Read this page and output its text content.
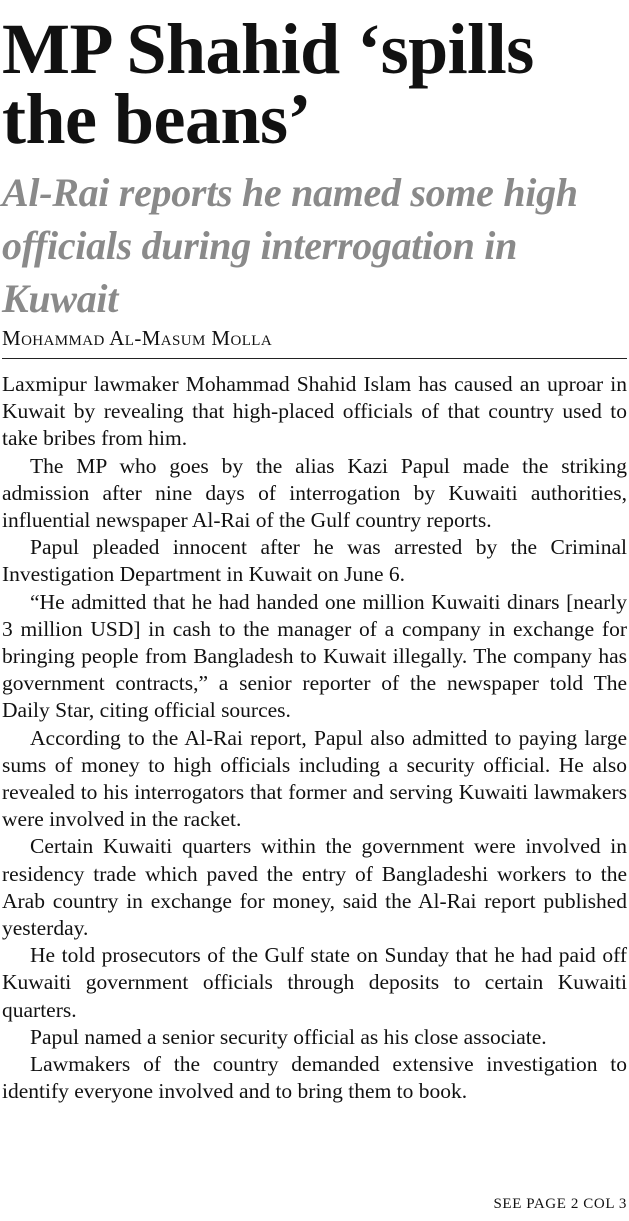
MP Shahid ‘spills the beans’
Al-Rai reports he named some high officials during interrogation in Kuwait
Mohammad Al-Masum Molla

Laxmipur lawmaker Mohammad Shahid Islam has caused an uproar in Kuwait by revealing that high-placed officials of that country used to take bribes from him.

The MP who goes by the alias Kazi Papul made the striking admission after nine days of interrogation by Kuwaiti authorities, influential newspaper Al-Rai of the Gulf country reports.

Papul pleaded innocent after he was arrested by the Criminal Investigation Department in Kuwait on June 6.

“He admitted that he had handed one million Kuwaiti dinars [nearly 3 million USD] in cash to the manager of a company in exchange for bringing people from Bangladesh to Kuwait illegally. The company has government contracts,” a senior reporter of the newspaper told The Daily Star, citing official sources.

According to the Al-Rai report, Papul also admitted to paying large sums of money to high officials including a security official. He also revealed to his interrogators that former and serving Kuwaiti lawmakers were involved in the racket.

Certain Kuwaiti quarters within the government were involved in residency trade which paved the entry of Bangladeshi workers to the Arab country in exchange for money, said the Al-Rai report published yesterday.

He told prosecutors of the Gulf state on Sunday that he had paid off Kuwaiti government officials through deposits to certain Kuwaiti quarters.

Papul named a senior security official as his close associate.

Lawmakers of the country demanded extensive investigation to identify everyone involved and to bring them to book.

SEE PAGE 2 COL 3
